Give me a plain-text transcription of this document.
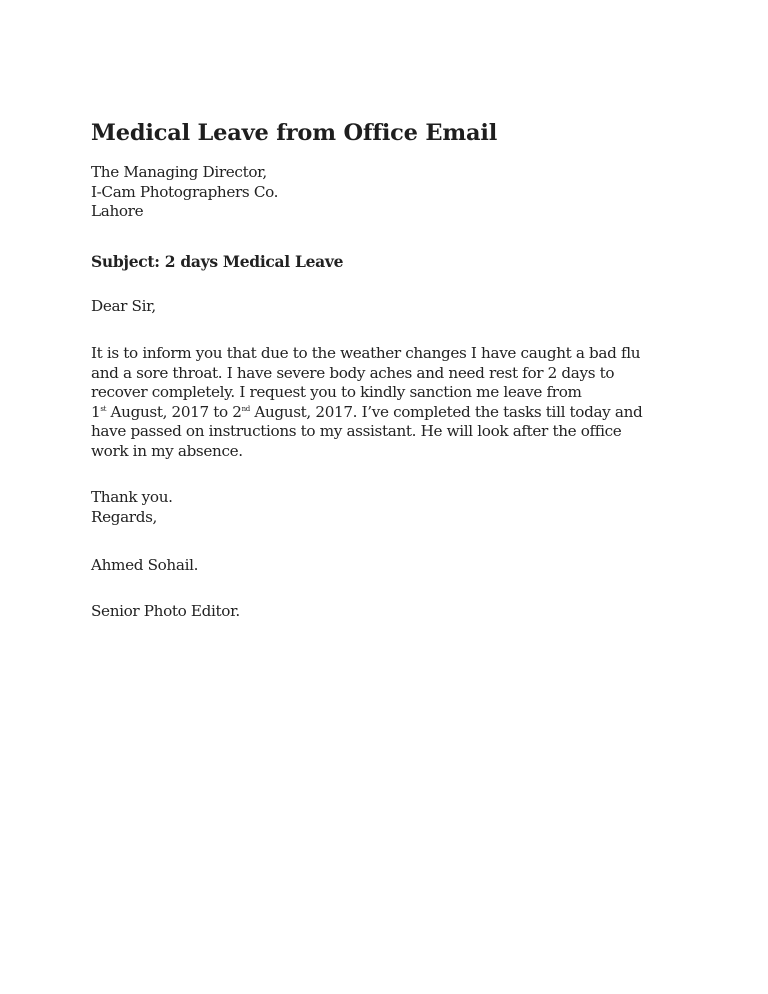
Medical Leave from Office Email
The Managing Director,
I-Cam Photographers Co.
Lahore
Subject: 2 days Medical Leave
Dear Sir,
It is to inform you that due to the weather changes I have caught a bad flu
and a sore throat. I have severe body aches and need rest for 2 days to
recover completely. I request you to kindly sanction me leave from
1st August, 2017 to 2nd August, 2017. I’ve completed the tasks till today and
have passed on instructions to my assistant. He will look after the office
work in my absence.
Thank you.
Regards,
Ahmed Sohail.
Senior Photo Editor.
